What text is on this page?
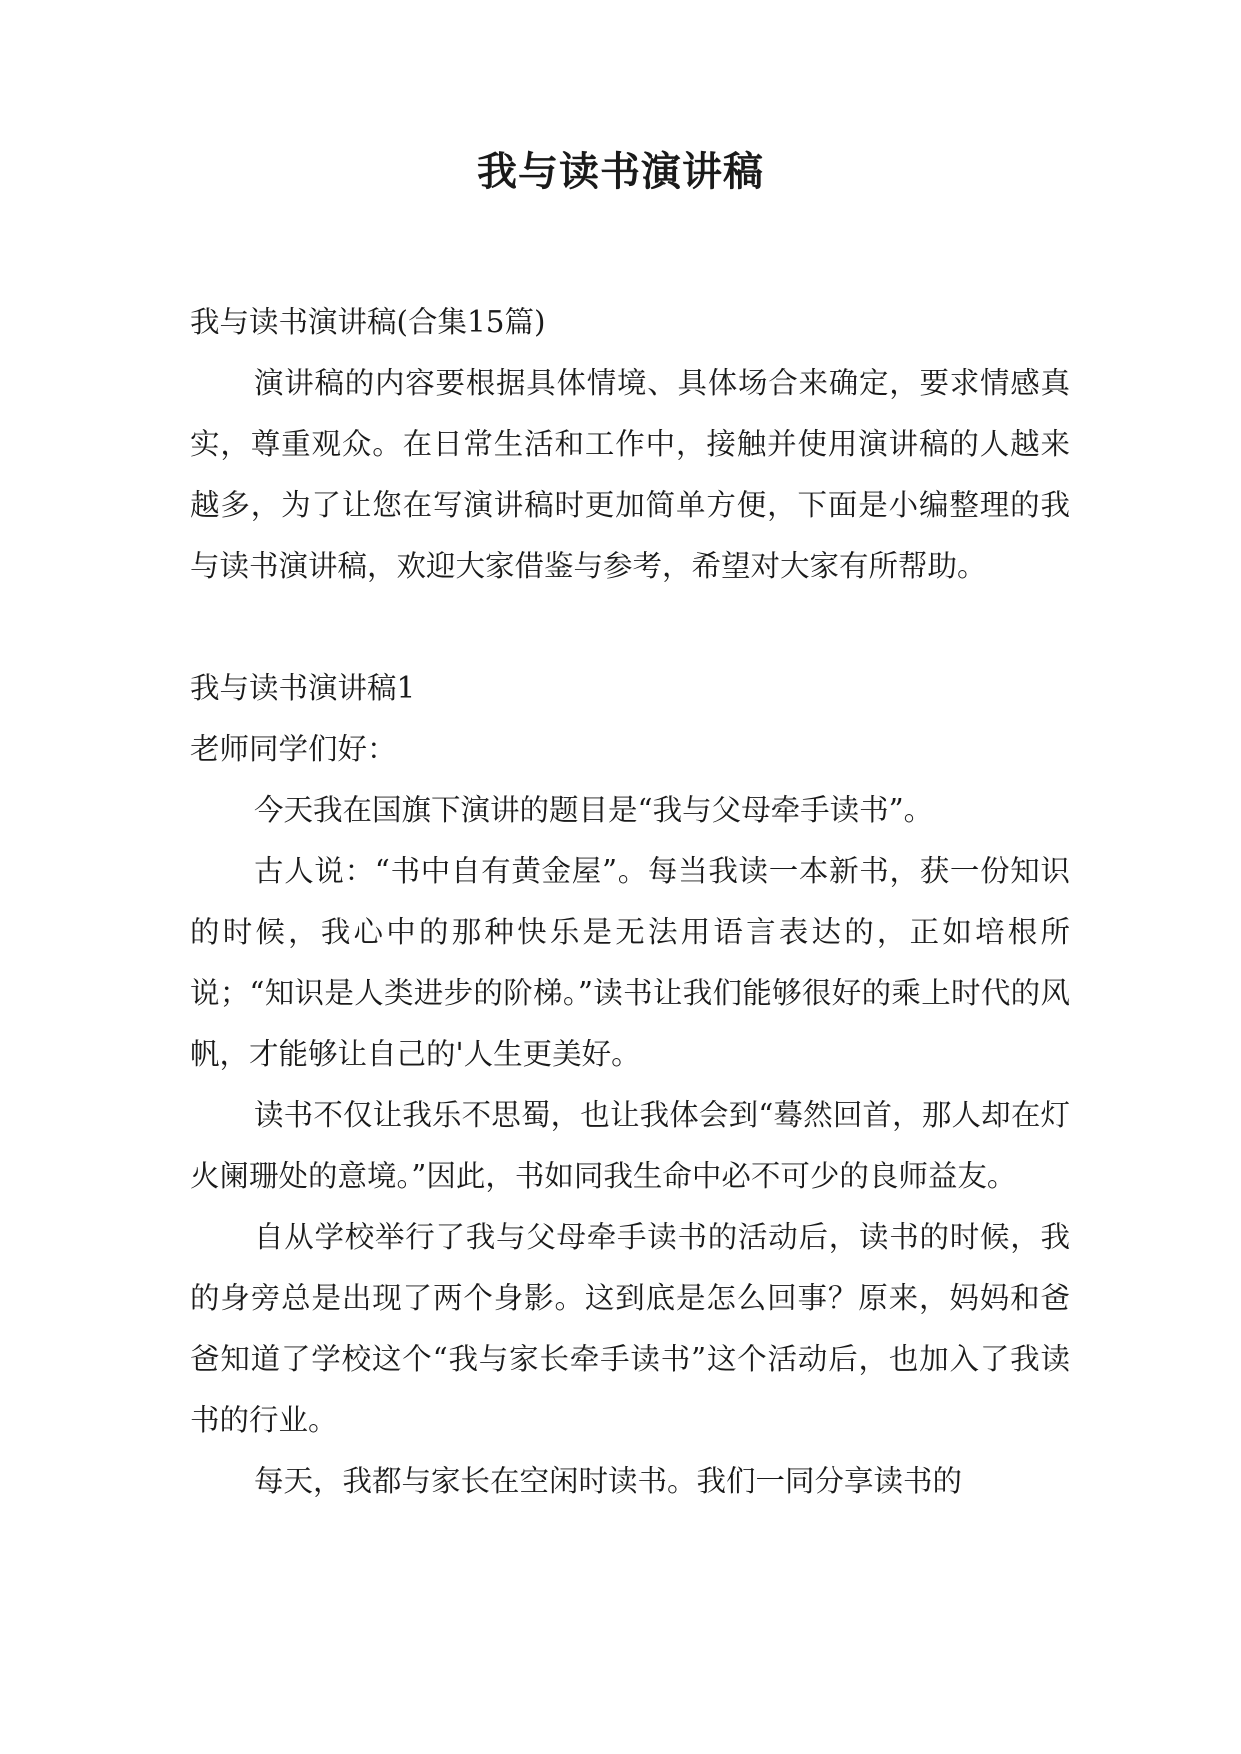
我与读书演讲稿

我与读书演讲稿(合集15篇)

演讲稿的内容要根据具体情境、具体场合来确定，要求情感真实，尊重观众。在日常生活和工作中，接触并使用演讲稿的人越来越多，为了让您在写演讲稿时更加简单方便，下面是小编整理的我与读书演讲稿，欢迎大家借鉴与参考，希望对大家有所帮助。

我与读书演讲稿1

老师同学们好：

今天我在国旗下演讲的题目是“我与父母牵手读书”。

古人说：“书中自有黄金屋”。每当我读一本新书，获一份知识的时候，我心中的那种快乐是无法用语言表达的，正如培根所说；“知识是人类进步的阶梯。”读书让我们能够很好的乘上时代的风帆，才能够让自己的'人生更美好。

读书不仅让我乐不思蜀，也让我体会到“蓦然回首，那人却在灯火阑珊处的意境。”因此，书如同我生命中必不可少的良师益友。

自从学校举行了我与父母牵手读书的活动后，读书的时候，我的身旁总是出现了两个身影。这到底是怎么回事？原来，妈妈和爸爸知道了学校这个“我与家长牵手读书”这个活动后，也加入了我读书的行业。

每天，我都与家长在空闲时读书。我们一同分享读书的
